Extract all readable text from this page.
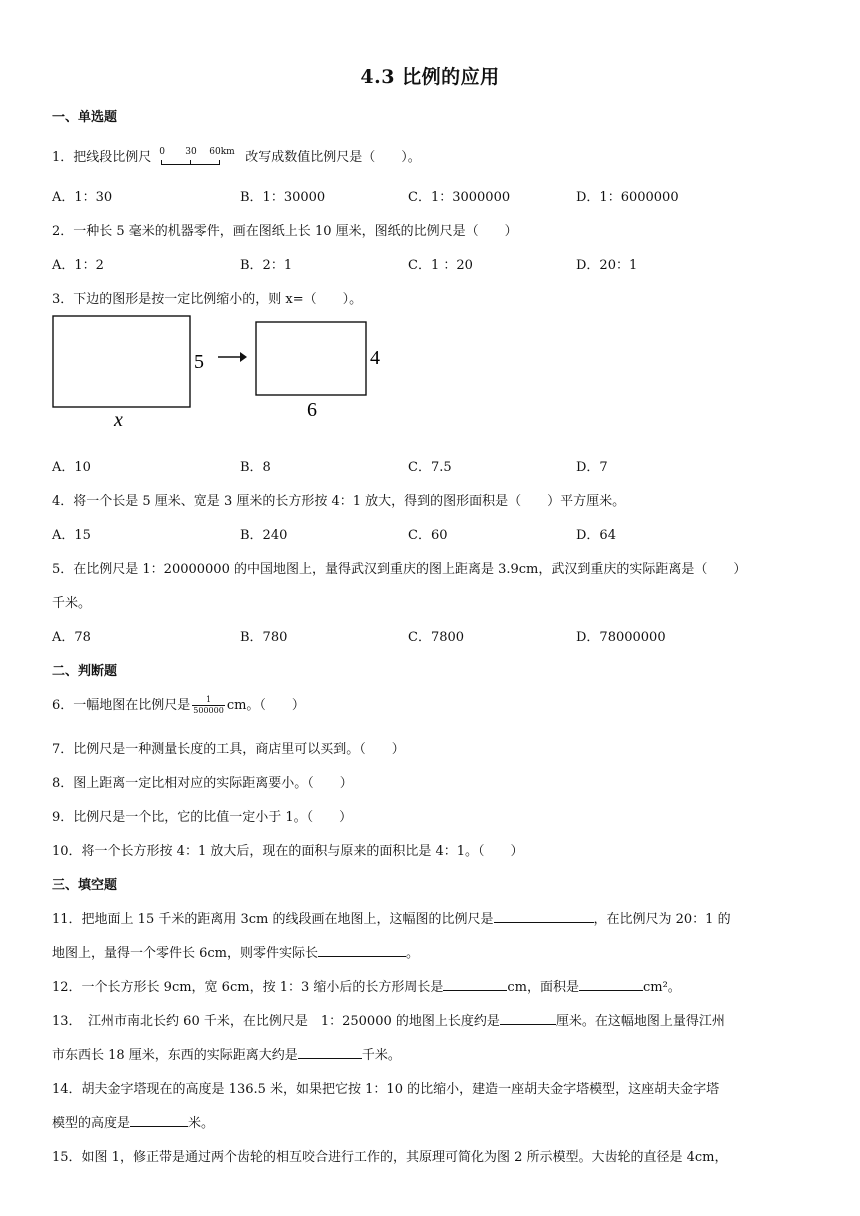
4.3 比例的应用
一、单选题
1．把线段比例尺 0 30 60km 改写成数值比例尺是（　　）。
A．1：30	B．1：30000	C．1：3000000	D．1：6000000
2．一种长 5 毫米的机器零件，画在图纸上长 10 厘米，图纸的比例尺是（　　）
A．1：2	B．2：1	C．1 ：20	D．20：1
3．下边的图形是按一定比例缩小的，则 x=（　　）。
5	4
6
x
A．10	B．8	C．7.5	D．7
4．将一个长是 5 厘米、宽是 3 厘米的长方形按 4：1 放大，得到的图形面积是（　　）平方厘米。
A．15	B．240	C．60	D．64
5．在比例尺是 1：20000000 的中国地图上，量得武汉到重庆的图上距离是 3.9cm，武汉到重庆的实际距离是（　　）
千米。
A．78	B．780	C．7800	D．78000000
二、判断题
6．一幅地图在比例尺是 $\frac{1}{500000}$ cm。（　　）
7．比例尺是一种测量长度的工具，商店里可以买到。（　　）
8．图上距离一定比相对应的实际距离要小。（　　）
9．比例尺是一个比，它的比值一定小于 1。（　　）
10．将一个长方形按 4：1 放大后，现在的面积与原来的面积比是 4：1。（　　）
三、填空题
11．把地面上 15 千米的距离用 3cm 的线段画在地图上，这幅图的比例尺是	，在比例尺为 20：1 的
地图上，量得一个零件长 6cm，则零件实际长	。
12．一个长方形长 9cm，宽 6cm，按 1：3 缩小后的长方形周长是	cm，面积是	cm²。
13．　江州市南北长约 60 千米，在比例尺是　1：250000 的地图上长度约是	厘米。在这幅地图上量得江州
市东西长 18 厘米，东西的实际距离大约是	千米。
14．胡夫金字塔现在的高度是 136.5 米，如果把它按 1：10 的比缩小，建造一座胡夫金字塔模型，这座胡夫金字塔
模型的高度是	米。
15．如图 1，修正带是通过两个齿轮的相互咬合进行工作的，其原理可简化为图 2 所示模型。大齿轮的直径是 4cm，
